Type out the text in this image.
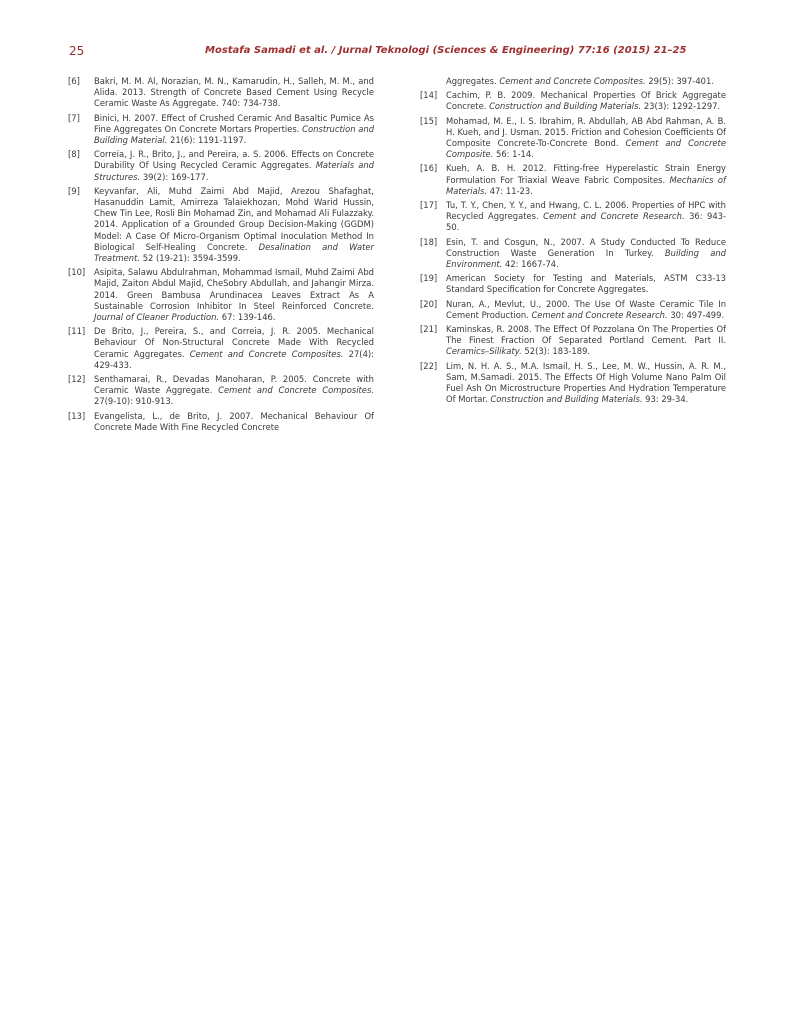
25	Mostafa Samadi et al. / Jurnal Teknologi (Sciences & Engineering) 77:16 (2015) 21–25
[6]	Bakri, M. M. Al, Norazian, M. N., Kamarudin, H., Salleh, M. M., and Alida. 2013. Strength of Concrete Based Cement Using Recycle Ceramic Waste As Aggregate. 740: 734-738.
[7]	Binici, H. 2007. Effect of Crushed Ceramic And Basaltic Pumice As Fine Aggregates On Concrete Mortars Properties. Construction and Building Material. 21(6): 1191-1197.
[8]	Correia, J. R., Brito, J., and Pereira, a. S. 2006. Effects on Concrete Durability Of Using Recycled Ceramic Aggregates. Materials and Structures. 39(2): 169-177.
[9]	Keyvanfar, Ali, Muhd Zaimi Abd Majid, Arezou Shafaghat, Hasanuddin Lamit, Amirreza Talaiekhozan, Mohd Warid Hussin, Chew Tin Lee, Rosli Bin Mohamad Zin, and Mohamad Ali Fulazzaky. 2014. Application of a Grounded Group Decision-Making (GGDM) Model: A Case Of Micro-Organism Optimal Inoculation Method In Biological Self-Healing Concrete. Desalination and Water Treatment. 52 (19-21): 3594-3599.
[10]	Asipita, Salawu Abdulrahman, Mohammad Ismail, Muhd Zaimi Abd Majid, Zaiton Abdul Majid, CheSobry Abdullah, and Jahangir Mirza. 2014. Green Bambusa Arundinacea Leaves Extract As A Sustainable Corrosion Inhibitor In Steel Reinforced Concrete. Journal of Cleaner Production. 67: 139-146.
[11]	De Brito, J., Pereira, S., and Correia, J. R. 2005. Mechanical Behaviour Of Non-Structural Concrete Made With Recycled Ceramic Aggregates. Cement and Concrete Composites. 27(4): 429-433.
[12]	Senthamarai, R., Devadas Manoharan, P. 2005. Concrete with Ceramic Waste Aggregate. Cement and Concrete Composites. 27(9-10): 910-913.
[13]	Evangelista, L., de Brito, J. 2007. Mechanical Behaviour Of Concrete Made With Fine Recycled Concrete
Aggregates. Cement and Concrete Composites. 29(5): 397-401.
[14]	Cachim, P. B. 2009. Mechanical Properties Of Brick Aggregate Concrete. Construction and Building Materials. 23(3): 1292-1297.
[15]	Mohamad, M. E., I. S. Ibrahim, R. Abdullah, AB Abd Rahman, A. B. H. Kueh, and J. Usman. 2015. Friction and Cohesion Coefficients Of Composite Concrete-To-Concrete Bond. Cement and Concrete Composite. 56: 1-14.
[16]	Kueh, A. B. H. 2012. Fitting-free Hyperelastic Strain Energy Formulation For Triaxial Weave Fabric Composites. Mechanics of Materials. 47: 11-23.
[17]	Tu, T. Y., Chen, Y. Y., and Hwang, C. L. 2006. Properties of HPC with Recycled Aggregates. Cement and Concrete Research. 36: 943-50.
[18]	Esin, T. and Cosgun, N., 2007. A Study Conducted To Reduce Construction Waste Generation In Turkey. Building and Environment. 42: 1667-74.
[19]	American Society for Testing and Materials, ASTM C33-13 Standard Specification for Concrete Aggregates.
[20]	Nuran, A., Mevlut, U., 2000. The Use Of Waste Ceramic Tile In Cement Production. Cement and Concrete Research. 30: 497-499.
[21]	Kaminskas, R. 2008. The Effect Of Pozzolana On The Properties Of The Finest Fraction Of Separated Portland Cement. Part II. Ceramics–Silikaty. 52(3): 183-189.
[22]	Lim, N. H. A. S., M.A. Ismail, H. S., Lee, M. W., Hussin, A. R. M., Sam, M.Samadi. 2015. The Effects Of High Volume Nano Palm Oil Fuel Ash On Microstructure Properties And Hydration Temperature Of Mortar. Construction and Building Materials. 93: 29-34.
